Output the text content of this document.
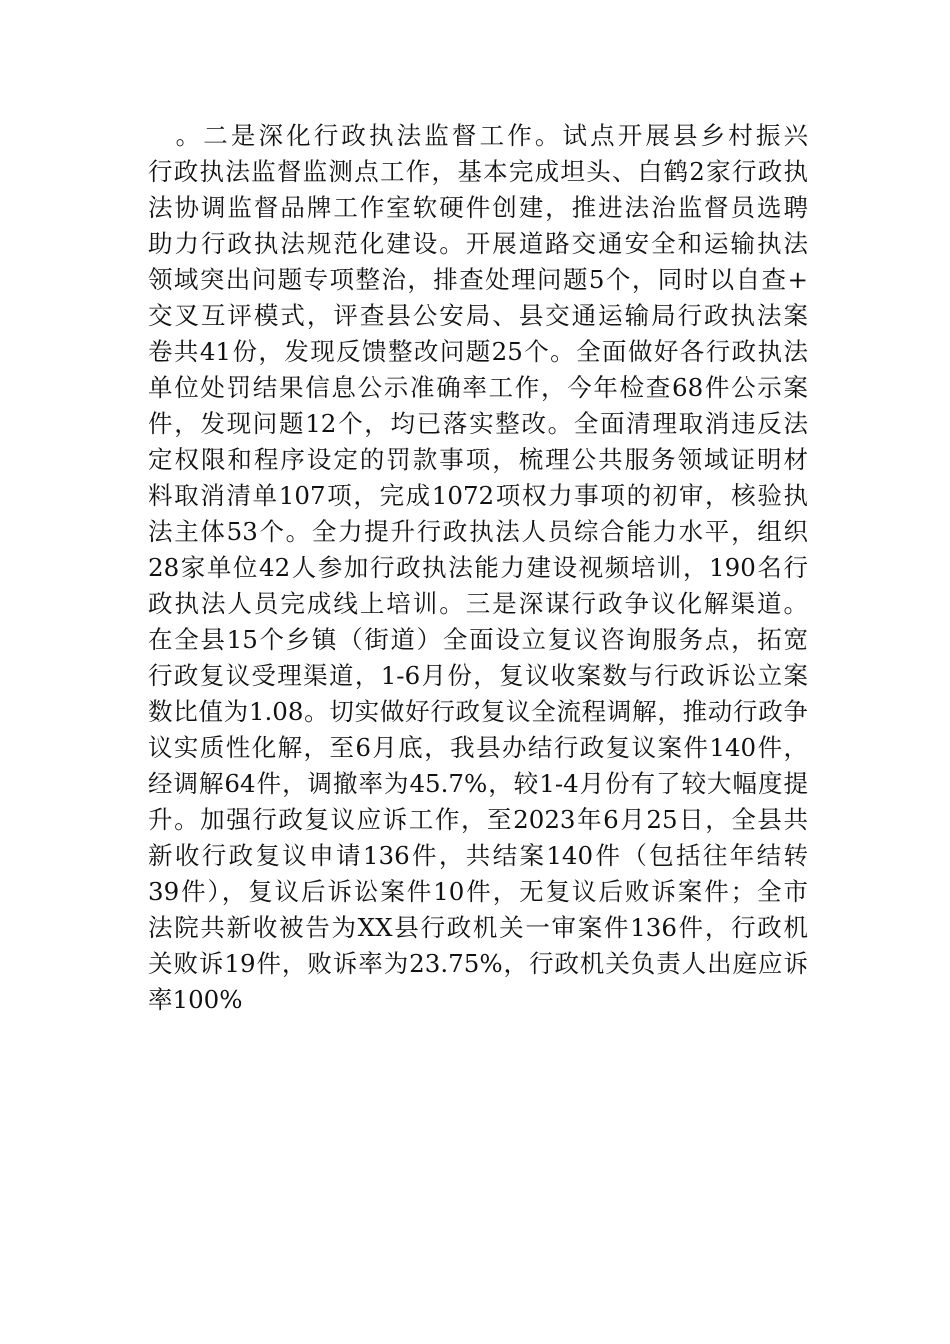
　。二是深化行政执法监督工作。试点开展县乡村振兴
行政执法监督监测点工作，基本完成坦头、白鹤2家行政执
法协调监督品牌工作室软硬件创建，推进法治监督员选聘
助力行政执法规范化建设。开展道路交通安全和运输执法
领域突出问题专项整治，排查处理问题5个，同时以自查+
交叉互评模式，评查县公安局、县交通运输局行政执法案
卷共41份，发现反馈整改问题25个。全面做好各行政执法
单位处罚结果信息公示准确率工作，今年检查68件公示案
件，发现问题12个，均已落实整改。全面清理取消违反法
定权限和程序设定的罚款事项，梳理公共服务领域证明材
料取消清单107项，完成1072项权力事项的初审，核验执
法主体53个。全力提升行政执法人员综合能力水平，组织
28家单位42人参加行政执法能力建设视频培训，190名行
政执法人员完成线上培训。三是深谋行政争议化解渠道。
在全县15个乡镇（街道）全面设立复议咨询服务点，拓宽
行政复议受理渠道，1-6月份，复议收案数与行政诉讼立案
数比值为1.08。切实做好行政复议全流程调解，推动行政争
议实质性化解，至6月底，我县办结行政复议案件140件，
经调解64件，调撤率为45.7%，较1-4月份有了较大幅度提
升。加强行政复议应诉工作，至2023年6月25日，全县共
新收行政复议申请136件，共结案140件（包括往年结转
39件），复议后诉讼案件10件，无复议后败诉案件；全市
法院共新收被告为XX县行政机关一审案件136件，行政机
关败诉19件，败诉率为23.75%，行政机关负责人出庭应诉
率100%
